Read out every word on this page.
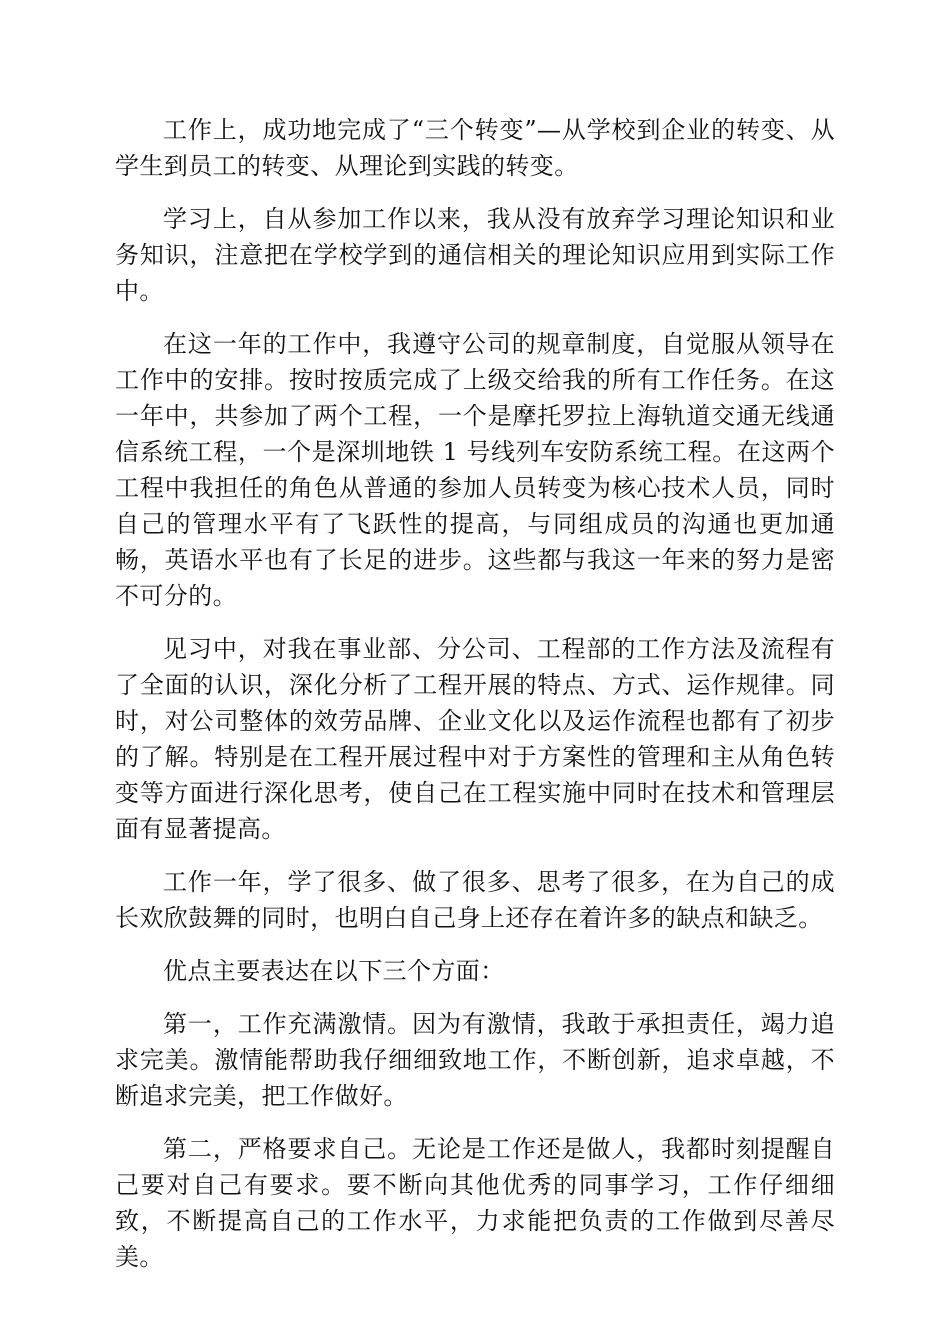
工作上，成功地完成了“三个转变”—从学校到企业的转变、从学生到员工的转变、从理论到实践的转变。

学习上，自从参加工作以来，我从没有放弃学习理论知识和业务知识，注意把在学校学到的通信相关的理论知识应用到实际工作中。

在这一年的工作中，我遵守公司的规章制度，自觉服从领导在工作中的安排。按时按质完成了上级交给我的所有工作任务。在这一年中，共参加了两个工程，一个是摩托罗拉上海轨道交通无线通信系统工程，一个是深圳地铁 1 号线列车安防系统工程。在这两个工程中我担任的角色从普通的参加人员转变为核心技术人员，同时自己的管理水平有了飞跃性的提高，与同组成员的沟通也更加通畅，英语水平也有了长足的进步。这些都与我这一年来的努力是密不可分的。

见习中，对我在事业部、分公司、工程部的工作方法及流程有了全面的认识，深化分析了工程开展的特点、方式、运作规律。同时，对公司整体的效劳品牌、企业文化以及运作流程也都有了初步的了解。特别是在工程开展过程中对于方案性的管理和主从角色转变等方面进行深化思考，使自己在工程实施中同时在技术和管理层面有显著提高。

工作一年，学了很多、做了很多、思考了很多，在为自己的成长欢欣鼓舞的同时，也明白自己身上还存在着许多的缺点和缺乏。

优点主要表达在以下三个方面：

第一，工作充满激情。因为有激情，我敢于承担责任，竭力追求完美。激情能帮助我仔细细致地工作，不断创新，追求卓越，不断追求完美，把工作做好。

第二，严格要求自己。无论是工作还是做人，我都时刻提醒自己要对自己有要求。要不断向其他优秀的同事学习，工作仔细细致，不断提高自己的工作水平，力求能把负责的工作做到尽善尽美。
